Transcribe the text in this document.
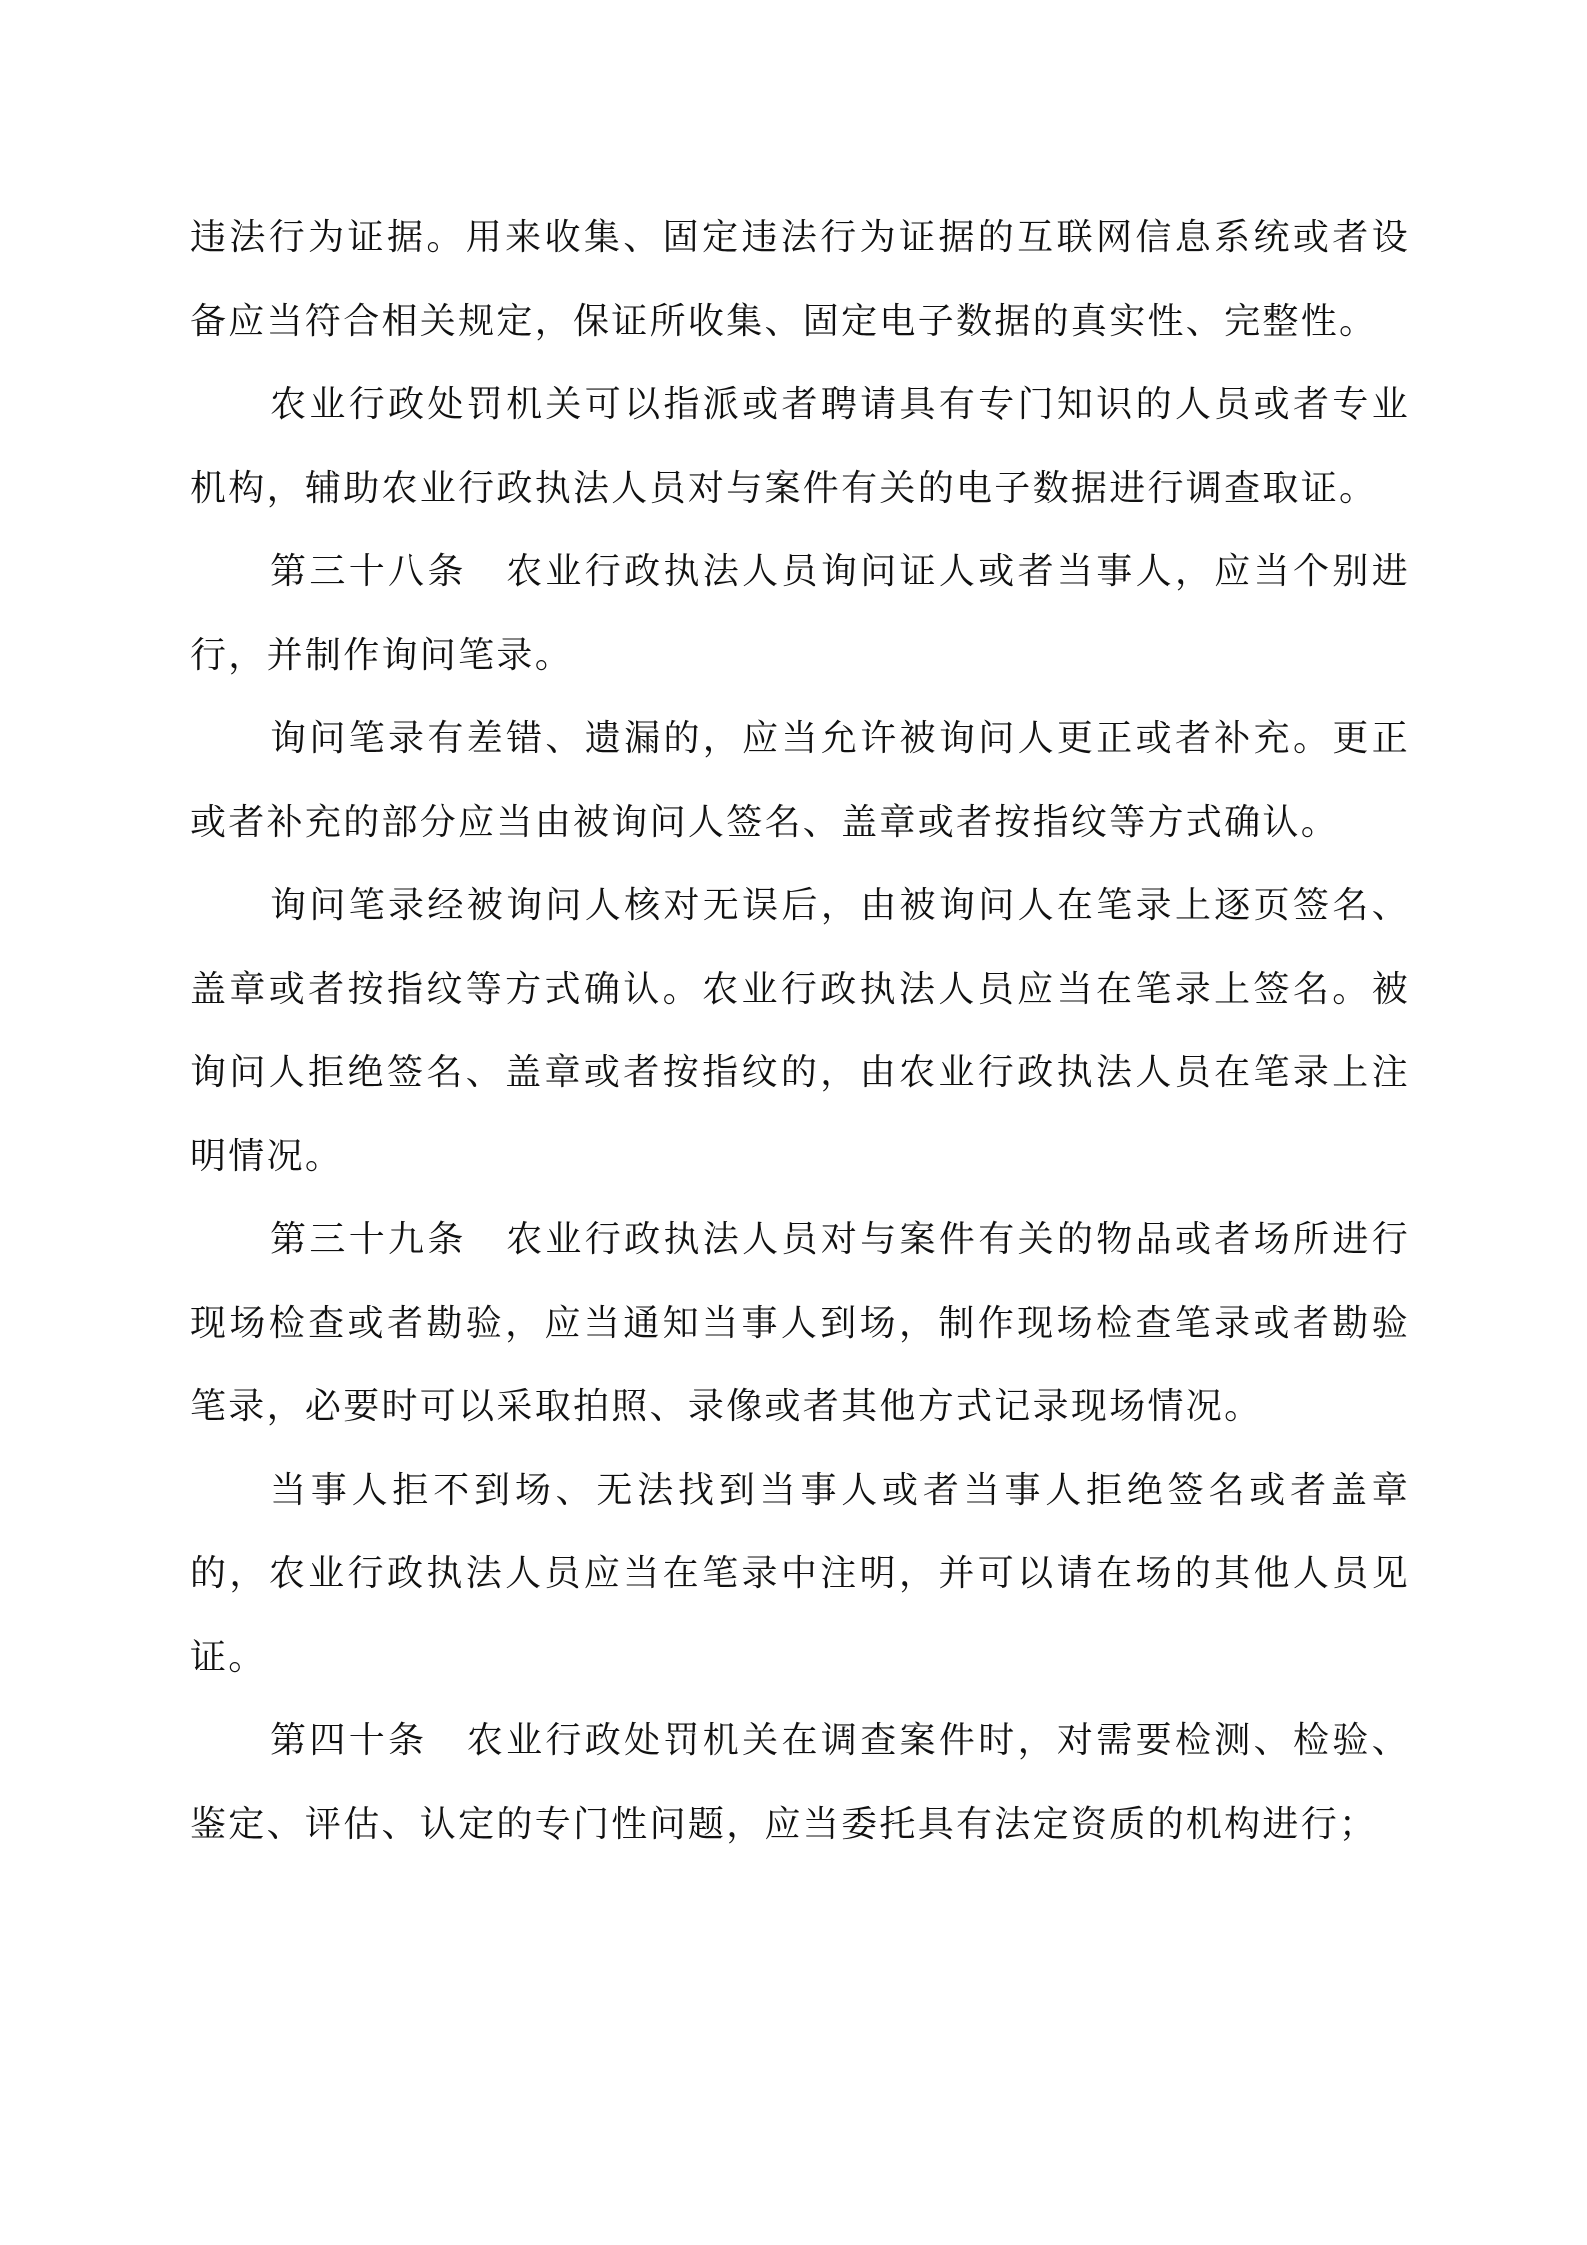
违法行为证据。用来收集、固定违法行为证据的互联网信息系统或者设备应当符合相关规定，保证所收集、固定电子数据的真实性、完整性。

农业行政处罚机关可以指派或者聘请具有专门知识的人员或者专业机构，辅助农业行政执法人员对与案件有关的电子数据进行调查取证。

第三十八条　农业行政执法人员询问证人或者当事人，应当个别进行，并制作询问笔录。

询问笔录有差错、遗漏的，应当允许被询问人更正或者补充。更正或者补充的部分应当由被询问人签名、盖章或者按指纹等方式确认。

询问笔录经被询问人核对无误后，由被询问人在笔录上逐页签名、盖章或者按指纹等方式确认。农业行政执法人员应当在笔录上签名。被询问人拒绝签名、盖章或者按指纹的，由农业行政执法人员在笔录上注明情况。

第三十九条　农业行政执法人员对与案件有关的物品或者场所进行现场检查或者勘验，应当通知当事人到场，制作现场检查笔录或者勘验笔录，必要时可以采取拍照、录像或者其他方式记录现场情况。

当事人拒不到场、无法找到当事人或者当事人拒绝签名或者盖章的，农业行政执法人员应当在笔录中注明，并可以请在场的其他人员见证。

第四十条　农业行政处罚机关在调查案件时，对需要检测、检验、鉴定、评估、认定的专门性问题，应当委托具有法定资质的机构进行；
